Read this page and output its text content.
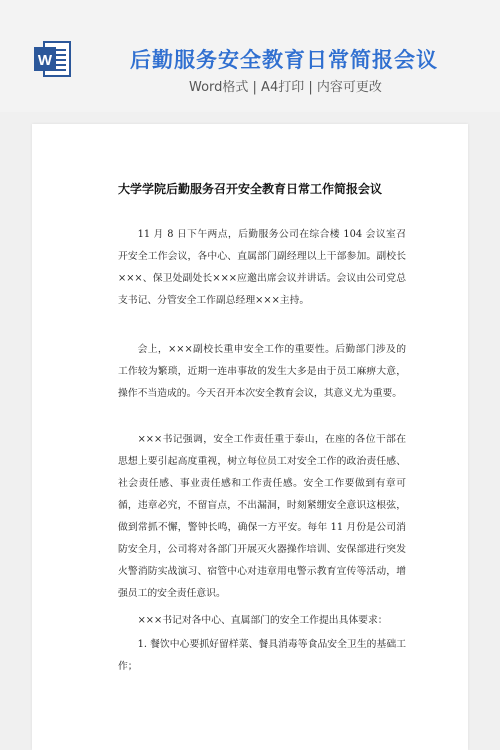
W	后勤服务安全教育日常简报会议
Word格式 | A4打印 | 内容可更改
大学学院后勤服务召开安全教育日常工作简报会议

11 月 8 日下午两点，后勤服务公司在综合楼 104 会议室召开安全工作会议，各中心、直属部门副经理以上干部参加。副校长×××、保卫处副处长×××应邀出席会议并讲话。会议由公司党总支书记、分管安全工作副总经理×××主持。

会上，×××副校长重申安全工作的重要性。后勤部门涉及的工作较为繁琐，近期一连串事故的发生大多是由于员工麻痹大意，操作不当造成的。今天召开本次安全教育会议，其意义尤为重要。

×××书记强调，安全工作责任重于泰山，在座的各位干部在思想上要引起高度重视，树立每位员工对安全工作的政治责任感、社会责任感、事业责任感和工作责任感。安全工作要做到有章可循，违章必究，不留盲点，不出漏洞，时刻紧绷安全意识这根弦，做到常抓不懈，警钟长鸣，确保一方平安。每年 11 月份是公司消防安全月，公司将对各部门开展灭火器操作培训、安保部进行突发火警消防实战演习、宿管中心对违章用电警示教育宣传等活动，增强员工的安全责任意识。

×××书记对各中心、直属部门的安全工作提出具体要求：

1. 餐饮中心要抓好留样菜、餐具消毒等食品安全卫生的基础工作；
